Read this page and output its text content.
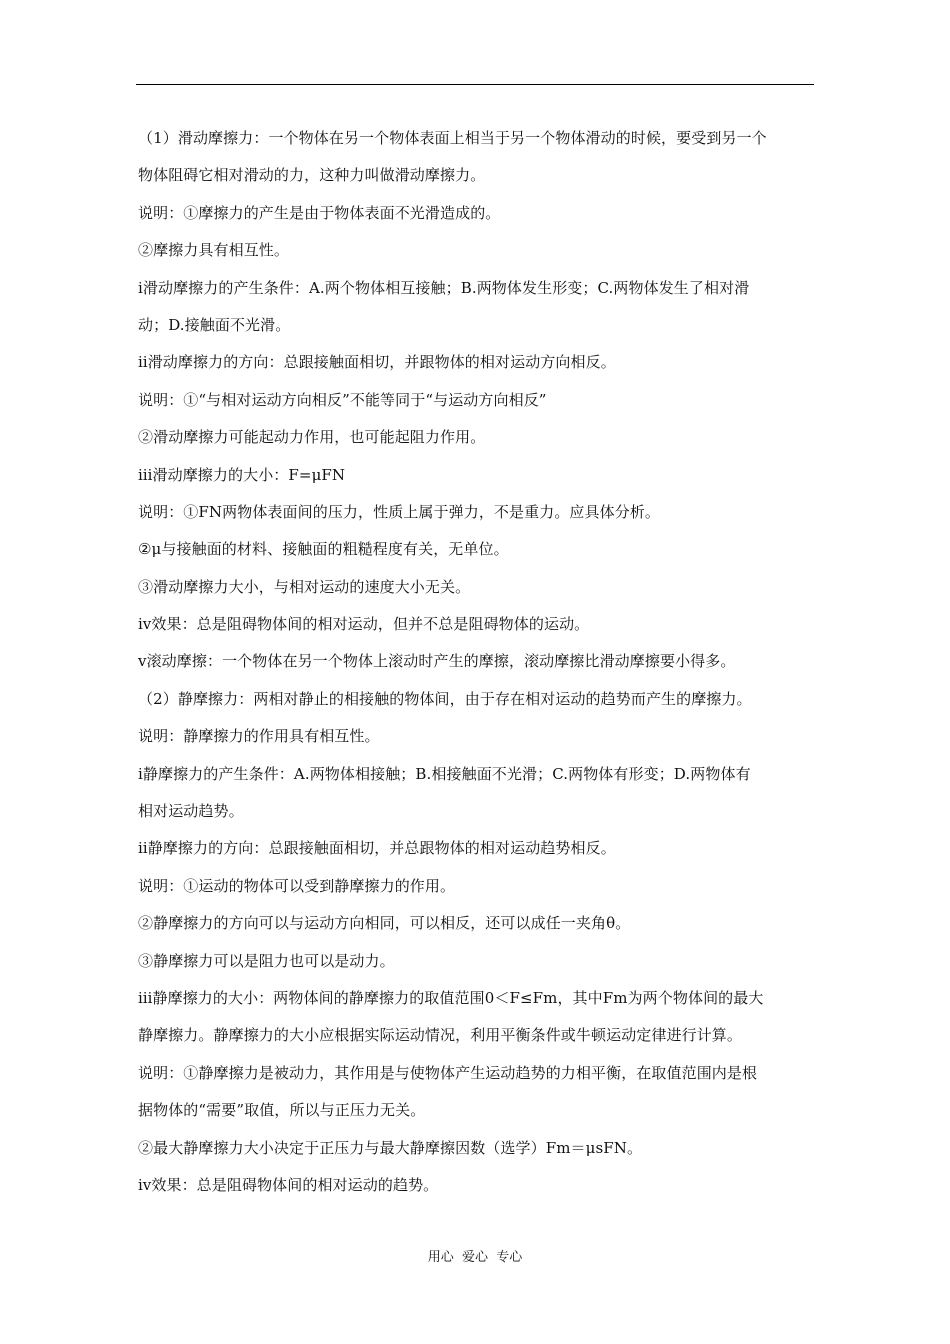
（1）滑动摩擦力：一个物体在另一个物体表面上相当于另一个物体滑动的时候，要受到另一个
物体阻碍它相对滑动的力，这种力叫做滑动摩擦力。
说明：①摩擦力的产生是由于物体表面不光滑造成的。
②摩擦力具有相互性。
ⅰ滑动摩擦力的产生条件：A.两个物体相互接触；B.两物体发生形变；C.两物体发生了相对滑
动；D.接触面不光滑。
ⅱ滑动摩擦力的方向：总跟接触面相切，并跟物体的相对运动方向相反。
说明：①“与相对运动方向相反”不能等同于“与运动方向相反”
②滑动摩擦力可能起动力作用，也可能起阻力作用。
ⅲ滑动摩擦力的大小：F=μFN
说明：①FN两物体表面间的压力，性质上属于弹力，不是重力。应具体分析。
②μ与接触面的材料、接触面的粗糙程度有关，无单位。
③滑动摩擦力大小，与相对运动的速度大小无关。
ⅳ效果：总是阻碍物体间的相对运动，但并不总是阻碍物体的运动。
ⅴ滚动摩擦：一个物体在另一个物体上滚动时产生的摩擦，滚动摩擦比滑动摩擦要小得多。
（2）静摩擦力：两相对静止的相接触的物体间，由于存在相对运动的趋势而产生的摩擦力。
说明：静摩擦力的作用具有相互性。
ⅰ静摩擦力的产生条件：A.两物体相接触；B.相接触面不光滑；C.两物体有形变；D.两物体有
相对运动趋势。
ⅱ静摩擦力的方向：总跟接触面相切，并总跟物体的相对运动趋势相反。
说明：①运动的物体可以受到静摩擦力的作用。
②静摩擦力的方向可以与运动方向相同，可以相反，还可以成任一夹角θ。
③静摩擦力可以是阻力也可以是动力。
ⅲ静摩擦力的大小：两物体间的静摩擦力的取值范围0＜F≤Fm，其中Fm为两个物体间的最大
静摩擦力。静摩擦力的大小应根据实际运动情况，利用平衡条件或牛顿运动定律进行计算。
说明：①静摩擦力是被动力，其作用是与使物体产生运动趋势的力相平衡，在取值范围内是根
据物体的“需要”取值，所以与正压力无关。
②最大静摩擦力大小决定于正压力与最大静摩擦因数（选学）Fm＝μsFN。
ⅳ效果：总是阻碍物体间的相对运动的趋势。
用心  爱心  专心
